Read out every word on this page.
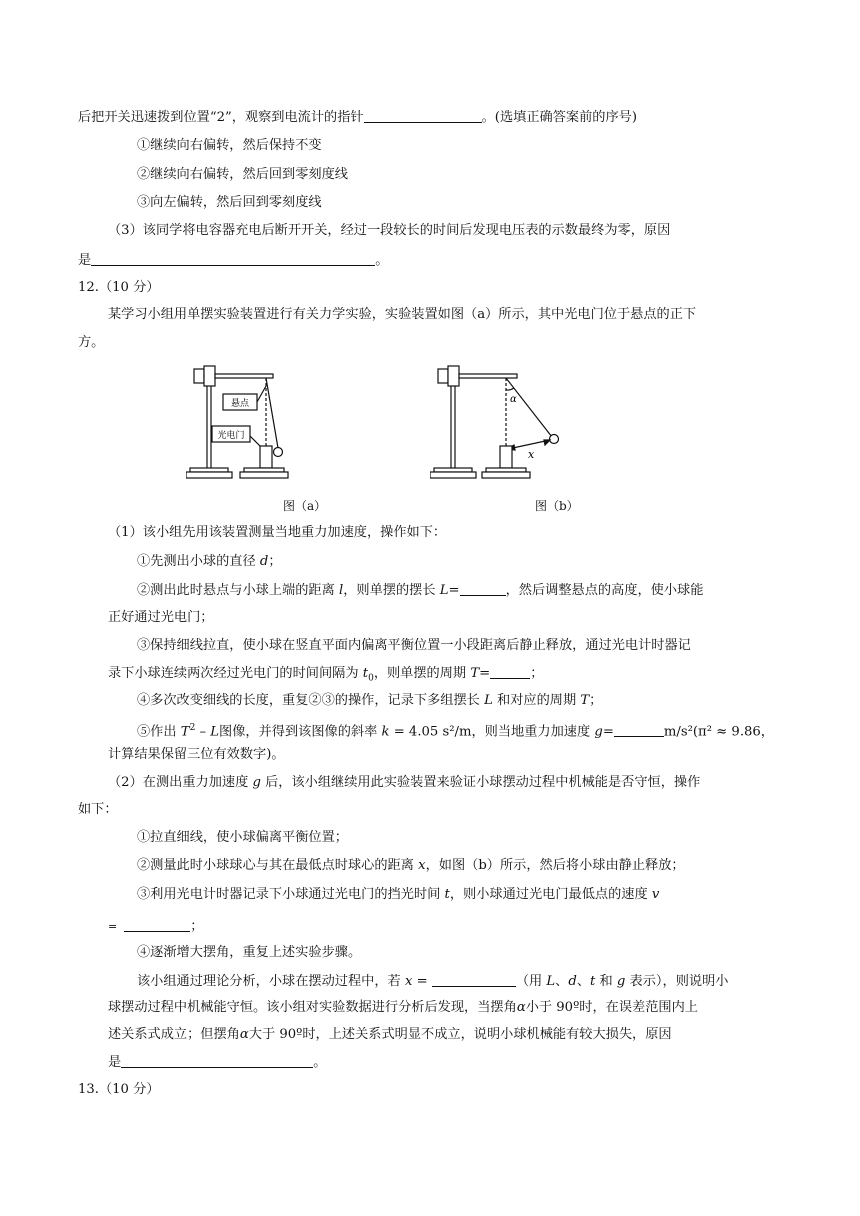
后把开关迅速拨到位置“2”，观察到电流计的指针	。(选填正确答案前的序号)
①继续向右偏转，然后保持不变
②继续向右偏转，然后回到零刻度线
③向左偏转，然后回到零刻度线
（3）该同学将电容器充电后断开开关，经过一段较长的时间后发现电压表的示数最终为零，原因
是	。
12.（10 分）
某学习小组用单摆实验装置进行有关力学实验，实验装置如图（a）所示，其中光电门位于悬点的正下
方。
悬点
光电门
α
x
图（a）	图（b）
（1）该小组先用该装置测量当地重力加速度，操作如下：
①先测出小球的直径 d；
②测出此时悬点与小球上端的距离 l，则单摆的摆长 L=	，然后调整悬点的高度，使小球能
正好通过光电门；
③保持细线拉直，使小球在竖直平面内偏离平衡位置一小段距离后静止释放，通过光电计时器记
录下小球连续两次经过光电门的时间间隔为 $t_0$，则单摆的周期 T=	；
④多次改变细线的长度，重复②③的操作，记录下多组摆长 L 和对应的周期 T；
⑤作出 $T^2$ – L图像，并得到该图像的斜率 k = 4.05 s²/m，则当地重力加速度 g=	m/s²(π² ≈ 9.86，
计算结果保留三位有效数字)。
（2）在测出重力加速度 g 后，该小组继续用此实验装置来验证小球摆动过程中机械能是否守恒，操作
如下：
①拉直细线，使小球偏离平衡位置；
②测量此时小球球心与其在最低点时球心的距离 x，如图（b）所示，然后将小球由静止释放；
③利用光电计时器记录下小球通过光电门的挡光时间 t，则小球通过光电门最低点的速度 v
=	；
④逐渐增大摆角，重复上述实验步骤。
该小组通过理论分析，小球在摆动过程中，若 x =	（用 L、d、t 和 g 表示），则说明小
球摆动过程中机械能守恒。该小组对实验数据进行分析后发现，当摆角α小于 90º时，在误差范围内上
述关系式成立；但摆角α大于 90º时，上述关系式明显不成立，说明小球机械能有较大损失，原因
是	。
13.（10 分）
